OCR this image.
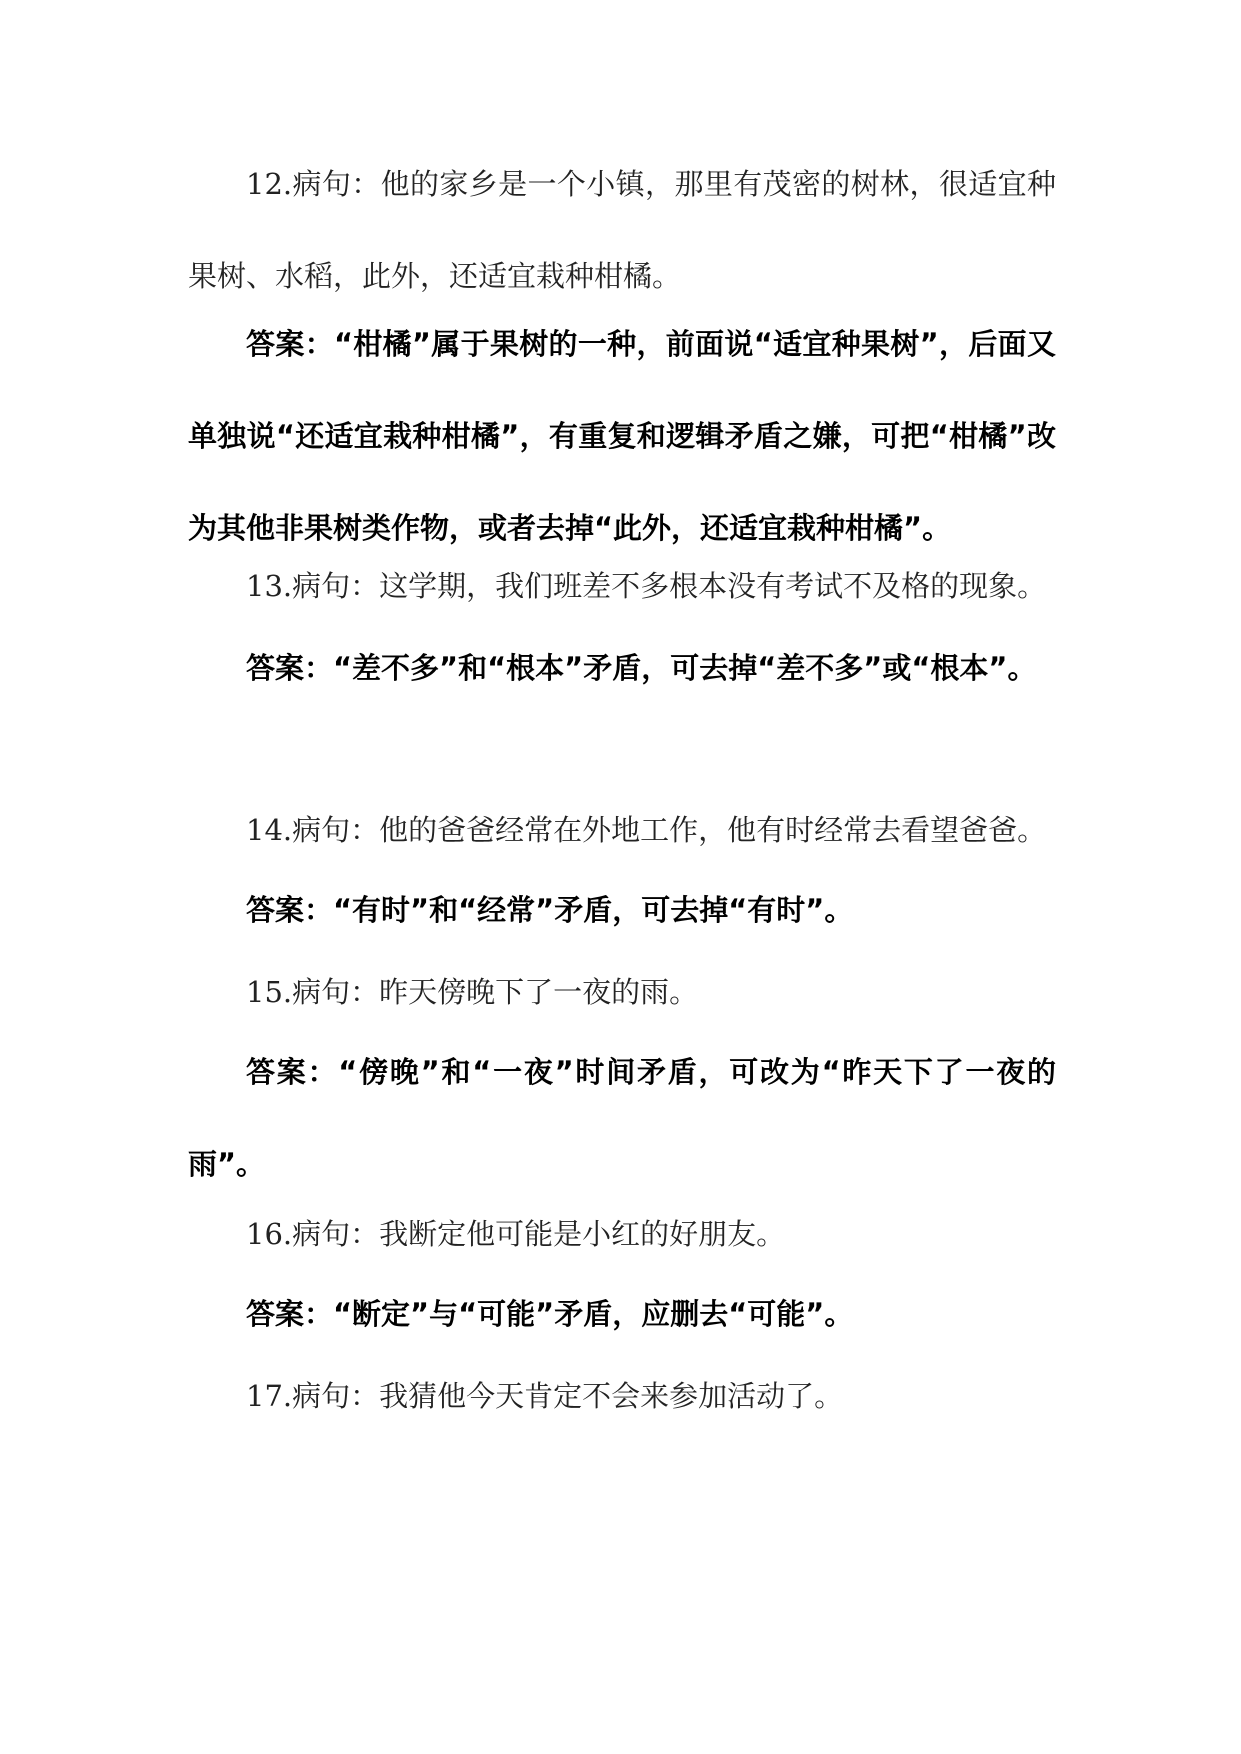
12.病句：他的家乡是一个小镇，那里有茂密的树林，很适宜种果树、水稻，此外，还适宜栽种柑橘。

答案：“柑橘”属于果树的一种，前面说“适宜种果树”，后面又单独说“还适宜栽种柑橘”，有重复和逻辑矛盾之嫌，可把“柑橘”改为其他非果树类作物，或者去掉“此外，还适宜栽种柑橘”。

13.病句：这学期，我们班差不多根本没有考试不及格的现象。

答案：“差不多”和“根本”矛盾，可去掉“差不多”或“根本”。

14.病句：他的爸爸经常在外地工作，他有时经常去看望爸爸。

答案：“有时”和“经常”矛盾，可去掉“有时”。

15.病句：昨天傍晚下了一夜的雨。

答案：“傍晚”和“一夜”时间矛盾，可改为“昨天下了一夜的雨”。

16.病句：我断定他可能是小红的好朋友。

答案：“断定”与“可能”矛盾，应删去“可能”。

17.病句：我猜他今天肯定不会来参加活动了。
